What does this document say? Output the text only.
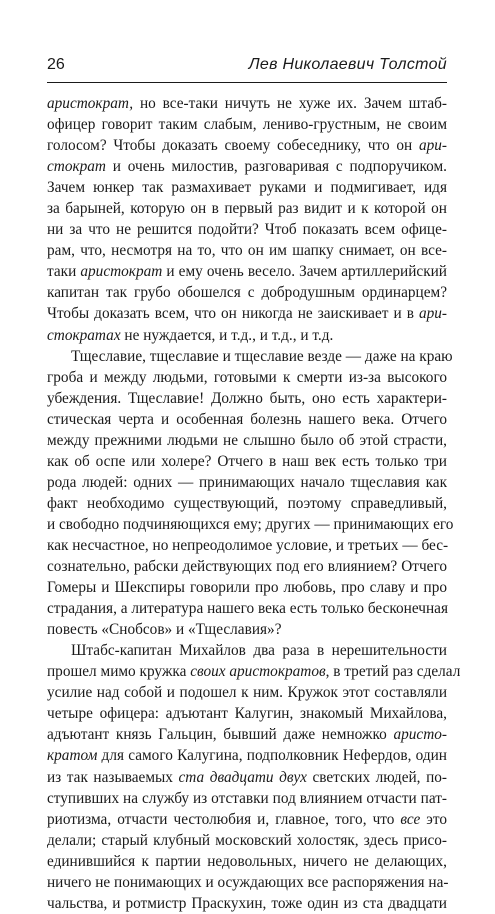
26	Лев Николаевич Толстой
аристократ, но все-таки ничуть не хуже их. Зачем штаб-
офицер говорит таким слабым, лениво-грустным, не своим
голосом? Чтобы доказать своему собеседнику, что он ари-
стократ и очень милостив, разговаривая с подпоручиком.
Зачем юнкер так размахивает руками и подмигивает, идя
за барыней, которую он в первый раз видит и к которой он
ни за что не решится подойти? Чтоб показать всем офице-
рам, что, несмотря на то, что он им шапку снимает, он все-
таки аристократ и ему очень весело. Зачем артиллерийский
капитан так грубо обошелся с добродушным ординарцем?
Чтобы доказать всем, что он никогда не заискивает и в ари-
стократах не нуждается, и т.д., и т.д., и т.д.
Тщеславие, тщеславие и тщеславие везде — даже на краю
гроба и между людьми, готовыми к смерти из-за высокого
убеждения. Тщеславие! Должно быть, оно есть характери-
стическая черта и особенная болезнь нашего века. Отчего
между прежними людьми не слышно было об этой страсти,
как об оспе или холере? Отчего в наш век есть только три
рода людей: одних — принимающих начало тщеславия как
факт необходимо существующий, поэтому справедливый,
и свободно подчиняющихся ему; других — принимающих его
как несчастное, но непреодолимое условие, и третьих — бес-
сознательно, рабски действующих под его влиянием? Отчего
Гомеры и Шекспиры говорили про любовь, про славу и про
страдания, а литература нашего века есть только бесконечная
повесть «Снобсов» и «Тщеславия»?
Штабс-капитан Михайлов два раза в нерешительности
прошел мимо кружка своих аристократов, в третий раз сделал
усилие над собой и подошел к ним. Кружок этот составляли
четыре офицера: адъютант Калугин, знакомый Михайлова,
адъютант князь Гальцин, бывший даже немножко аристо-
кратом для самого Калугина, подполковник Нефердов, один
из так называемых ста двадцати двух светских людей, по-
ступивших на службу из отставки под влиянием отчасти пат-
риотизма, отчасти честолюбия и, главное, того, что все это
делали; старый клубный московский холостяк, здесь присо-
единившийся к партии недовольных, ничего не делающих,
ничего не понимающих и осуждающих все распоряжения на-
чальства, и ротмистр Праскухин, тоже один из ста двадцати
